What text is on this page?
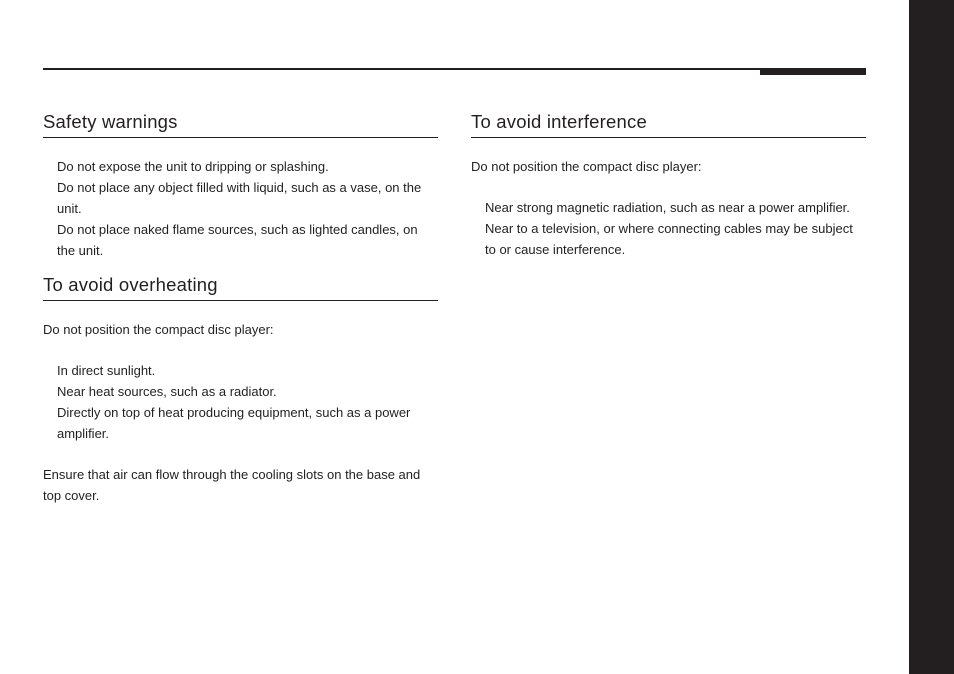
Safety warnings
Do not expose the unit to dripping or splashing.
Do not place any object filled with liquid, such as a vase, on the unit.
Do not place naked flame sources, such as lighted candles, on the unit.
To avoid overheating

Do not position the compact disc player:

In direct sunlight.
Near heat sources, such as a radiator.
Directly on top of heat producing equipment, such as a power amplifier.

Ensure that air can flow through the cooling slots on the base and top cover.

To avoid interference

Do not position the compact disc player:

Near strong magnetic radiation, such as near a power amplifier.
Near to a television, or where connecting cables may be subject to or cause interference.
